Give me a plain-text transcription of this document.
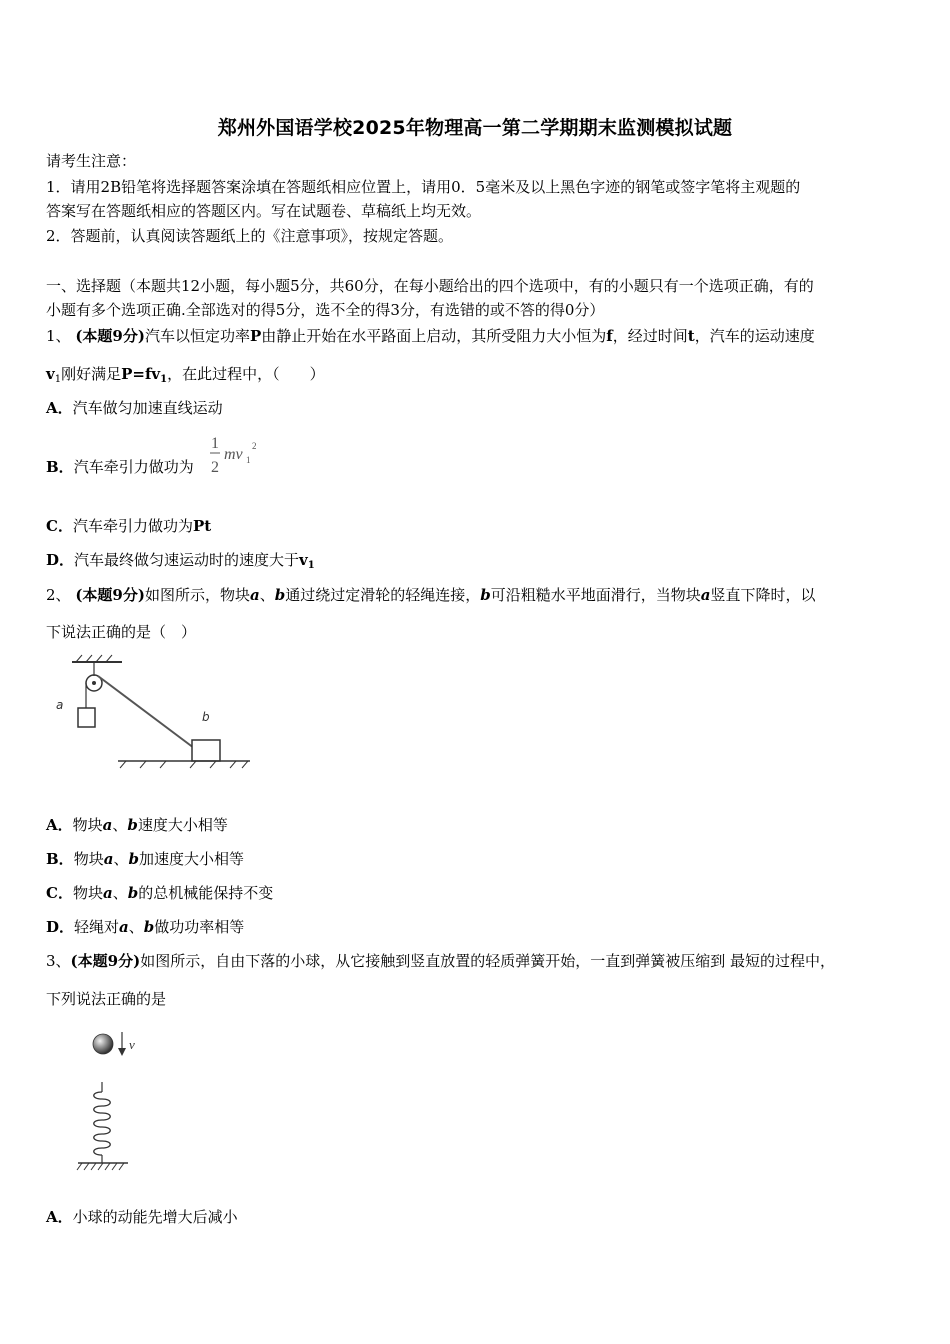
郑州外国语学校2025年物理高一第二学期期末监测模拟试题
请考生注意：
1．请用2B铅笔将选择题答案涂填在答题纸相应位置上，请用0．5毫米及以上黑色字迹的钢笔或签字笔将主观题的
答案写在答题纸相应的答题区内。写在试题卷、草稿纸上均无效。
2．答题前，认真阅读答题纸上的《注意事项》，按规定答题。
一、选择题（本题共12小题，每小题5分，共60分，在每小题给出的四个选项中，有的小题只有一个选项正确，有的
小题有多个选项正确.全部选对的得5分，选不全的得3分，有选错的或不答的得0分）
1、 (本题9分)汽车以恒定功率P由静止开始在水平路面上启动，其所受阻力大小恒为f，经过时间t，汽车的运动速度
$v_1$刚好满足$P=fv_1$，在此过程中，（　　）
A．汽车做匀加速直线运动
B．汽车牵引力做功为
1
2
mv 1
2
C．汽车牵引力做功为Pt
D．汽车最终做匀速运动时的速度大于$v_1$
2、 (本题9分)如图所示，物块a、b通过绕过定滑轮的轻绳连接，b可沿粗糙水平地面滑行，当物块a竖直下降时，以
下说法正确的是（　）
a
b
A．物块a、b速度大小相等
B．物块a、b加速度大小相等
C．物块a、b的总机械能保持不变
D．轻绳对a、b做功功率相等
3、(本题9分)如图所示，自由下落的小球，从它接触到竖直放置的轻质弹簧开始，一直到弹簧被压缩到 最短的过程中，
下列说法正确的是
v
A．小球的动能先增大后减小
